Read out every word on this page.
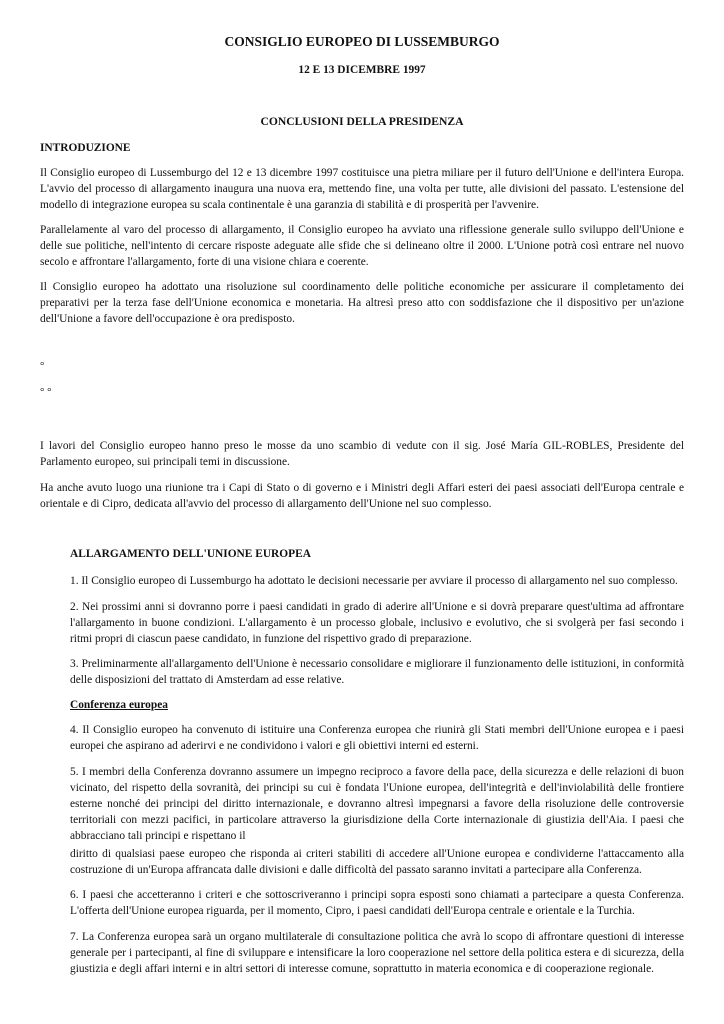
CONSIGLIO EUROPEO DI LUSSEMBURGO
12 E 13 DICEMBRE 1997
CONCLUSIONI DELLA PRESIDENZA
INTRODUZIONE

Il Consiglio europeo di Lussemburgo del 12 e 13 dicembre 1997 costituisce una pietra miliare per il futuro dell'Unione e dell'intera Europa. L'avvio del processo di allargamento inaugura una nuova era, mettendo fine, una volta per tutte, alle divisioni del passato. L'estensione del modello di integrazione europea su scala continentale è una garanzia di stabilità e di prosperità per l'avvenire.

Parallelamente al varo del processo di allargamento, il Consiglio europeo ha avviato una riflessione generale sullo sviluppo dell'Unione e delle sue politiche, nell'intento di cercare risposte adeguate alle sfide che si delineano oltre il 2000. L'Unione potrà così entrare nel nuovo secolo e affrontare l'allargamento, forte di una visione chiara e coerente.

Il Consiglio europeo ha adottato una risoluzione sul coordinamento delle politiche economiche per assicurare il completamento dei preparativi per la terza fase dell'Unione economica e monetaria. Ha altresì preso atto con soddisfazione che il dispositivo per un'azione dell'Unione a favore dell'occupazione è ora predisposto.

°
° °

I lavori del Consiglio europeo hanno preso le mosse da uno scambio di vedute con il sig. José María GIL-ROBLES, Presidente del Parlamento europeo, sui principali temi in discussione.

Ha anche avuto luogo una riunione tra i Capi di Stato o di governo e i Ministri degli Affari esteri dei paesi associati dell'Europa centrale e orientale e di Cipro, dedicata all'avvio del processo di allargamento dell'Unione nel suo complesso.

ALLARGAMENTO DELL'UNIONE EUROPEA

1. Il Consiglio europeo di Lussemburgo ha adottato le decisioni necessarie per avviare il processo di allargamento nel suo complesso.

2. Nei prossimi anni si dovranno porre i paesi candidati in grado di aderire all'Unione e si dovrà preparare quest'ultima ad affrontare l'allargamento in buone condizioni. L'allargamento è un processo globale, inclusivo e evolutivo, che si svolgerà per fasi secondo i ritmi propri di ciascun paese candidato, in funzione del rispettivo grado di preparazione.

3. Preliminarmente all'allargamento dell'Unione è necessario consolidare e migliorare il funzionamento delle istituzioni, in conformità delle disposizioni del trattato di Amsterdam ad esse relative.

Conferenza europea

4. Il Consiglio europeo ha convenuto di istituire una Conferenza europea che riunirà gli Stati membri dell'Unione europea e i paesi europei che aspirano ad aderirvi e ne condividono i valori e gli obiettivi interni ed esterni.

5. I membri della Conferenza dovranno assumere un impegno reciproco a favore della pace, della sicurezza e delle relazioni di buon vicinato, del rispetto della sovranità, dei principi su cui è fondata l'Unione europea, dell'integrità e dell'inviolabilità delle frontiere esterne nonché dei principi del diritto internazionale, e dovranno altresì impegnarsi a favore della risoluzione delle controversie territoriali con mezzi pacifici, in particolare attraverso la giurisdizione della Corte internazionale di giustizia dell'Aia. I paesi che abbracciano tali principi e rispettano il

diritto di qualsiasi paese europeo che risponda ai criteri stabiliti di accedere all'Unione europea e condividerne l'attaccamento alla costruzione di un'Europa affrancata dalle divisioni e dalle difficoltà del passato saranno invitati a partecipare alla Conferenza.

6. I paesi che accetteranno i criteri e che sottoscriveranno i principi sopra esposti sono chiamati a partecipare a questa Conferenza. L'offerta dell'Unione europea riguarda, per il momento, Cipro, i paesi candidati dell'Europa centrale e orientale e la Turchia.

7. La Conferenza europea sarà un organo multilaterale di consultazione politica che avrà lo scopo di affrontare questioni di interesse generale per i partecipanti, al fine di sviluppare e intensificare la loro cooperazione nel settore della politica estera e di sicurezza, della giustizia e degli affari interni e in altri settori di interesse comune, soprattutto in materia economica e di cooperazione regionale.
